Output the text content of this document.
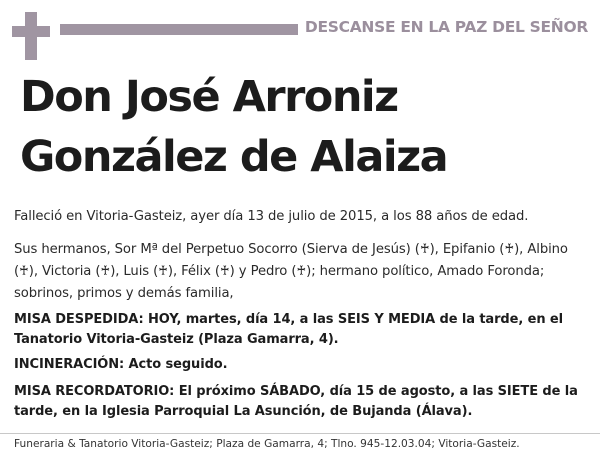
DESCANSE EN LA PAZ DEL SEÑOR
Don José Arroniz
González de Alaiza
Falleció en Vitoria-Gasteiz, ayer día 13 de julio de 2015, a los 88 años de edad.
Sus hermanos, Sor Mª del Perpetuo Socorro (Sierva de Jesús) (♰), Epifanio (♰), Albino (♰), Victoria (♰), Luis (♰), Félix (♰) y Pedro (♰); hermano político, Amado Foronda; sobrinos, primos y demás familia,
MISA DESPEDIDA: HOY, martes, día 14, a las SEIS Y MEDIA de la tarde, en el Tanatorio Vitoria-Gasteiz (Plaza Gamarra, 4).
INCINERACIÓN: Acto seguido.
MISA RECORDATORIO: El próximo SÁBADO, día 15 de agosto, a las SIETE de la tarde, en la Iglesia Parroquial La Asunción, de Bujanda (Álava).
Funeraria & Tanatorio Vitoria-Gasteiz; Plaza de Gamarra, 4; Tlno. 945-12.03.04; Vitoria-Gasteiz.
